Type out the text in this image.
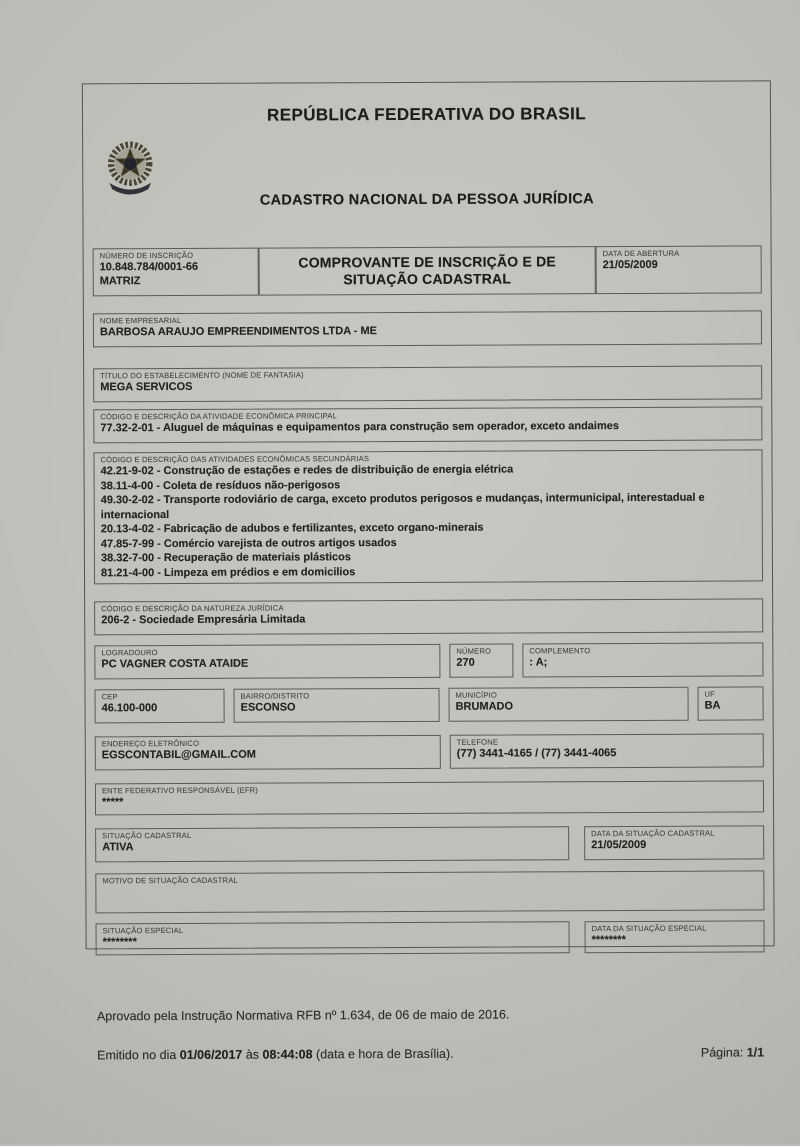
REPÚBLICA FEDERATIVA DO BRASIL
CADASTRO NACIONAL DA PESSOA JURÍDICA
NÚMERO DE INSCRIÇÃO
10.848.784/0001-66
MATRIZ
COMPROVANTE DE INSCRIÇÃO E DE SITUAÇÃO CADASTRAL
DATA DE ABERTURA
21/05/2009
NOME EMPRESARIAL
BARBOSA ARAUJO EMPREENDIMENTOS LTDA - ME
TÍTULO DO ESTABELECIMENTO (NOME DE FANTASIA)
MEGA SERVICOS
CÓDIGO E DESCRIÇÃO DA ATIVIDADE ECONÔMICA PRINCIPAL
77.32-2-01 - Aluguel de máquinas e equipamentos para construção sem operador, exceto andaimes
CÓDIGO E DESCRIÇÃO DAS ATIVIDADES ECONÔMICAS SECUNDÁRIAS
42.21-9-02 - Construção de estações e redes de distribuição de energia elétrica
38.11-4-00 - Coleta de resíduos não-perigosos
49.30-2-02 - Transporte rodoviário de carga, exceto produtos perigosos e mudanças, intermunicipal, interestadual e internacional
20.13-4-02 - Fabricação de adubos e fertilizantes, exceto organo-minerais
47.85-7-99 - Comércio varejista de outros artigos usados
38.32-7-00 - Recuperação de materiais plásticos
81.21-4-00 - Limpeza em prédios e em domicilios
CÓDIGO E DESCRIÇÃO DA NATUREZA JURÍDICA
206-2 - Sociedade Empresária Limitada
LOGRADOURO
PC VAGNER COSTA ATAIDE
NÚMERO
270
COMPLEMENTO
: A;
CEP
46.100-000
BAIRRO/DISTRITO
ESCONSO
MUNICÍPIO
BRUMADO
UF
BA
ENDEREÇO ELETRÔNICO
EGSCONTABIL@GMAIL.COM
TELEFONE
(77) 3441-4165 / (77) 3441-4065
ENTE FEDERATIVO RESPONSÁVEL (EFR)
*****
SITUAÇÃO CADASTRAL
ATIVA
DATA DA SITUAÇÃO CADASTRAL
21/05/2009
MOTIVO DE SITUAÇÃO CADASTRAL
SITUAÇÃO ESPECIAL
********
DATA DA SITUAÇÃO ESPECIAL
********
Aprovado pela Instrução Normativa RFB nº 1.634, de 06 de maio de 2016.
Emitido no dia 01/06/2017 às 08:44:08 (data e hora de Brasília).	Página: 1/1
